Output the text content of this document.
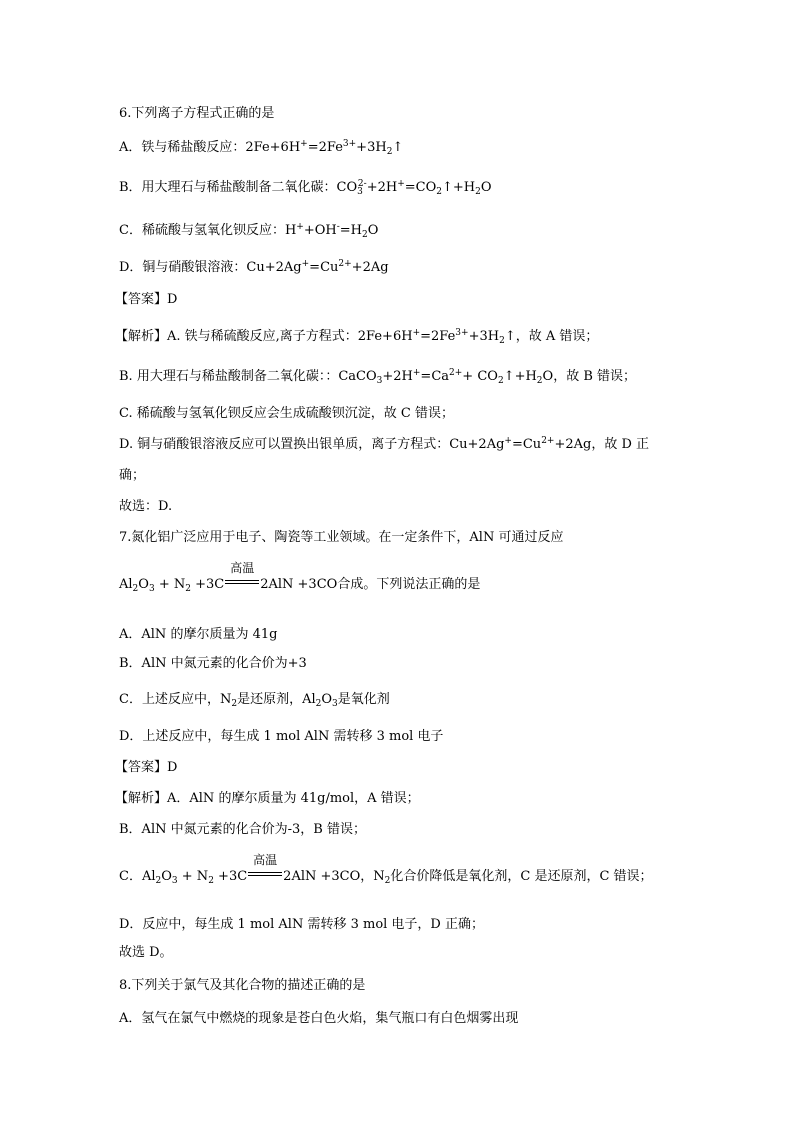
6.下列离子方程式正确的是
A．铁与稀盐酸反应：$2Fe+6H^+=2Fe^{3+}+3H_2↑$
B．用大理石与稀盐酸制备二氧化碳：$CO_3^{2-}+2H^+=CO_2↑+H_2O$
C．稀硫酸与氢氧化钡反应：$H^++OH^-=H_2O$
D．铜与硝酸银溶液：$Cu+2Ag^+=Cu^{2+}+2Ag$
【答案】D
【解析】A. 铁与稀硫酸反应,离子方程式：$2Fe+6H^+=2Fe^{3+}+3H_2↑$，故 A 错误；
B. 用大理石与稀盐酸制备二氧化碳：：$CaCO_3+2H^+=Ca^{2+}+$ $CO_2↑+H_2O$，故 B 错误；
C. 稀硫酸与氢氧化钡反应会生成硫酸钡沉淀，故 C 错误；
D. 铜与硝酸银溶液反应可以置换出银单质，离子方程式：$Cu+2Ag^+=Cu^{2+}+2Ag$，故 D 正
确；
故选：D.
7.氮化铝广泛应用于电子、陶瓷等工业领域。在一定条件下，AlN 可通过反应
$Al_2O_3 + N_2 +3C$
高温
2AlN +3CO合成。下列说法正确的是
A．AlN 的摩尔质量为 41g
B．AlN 中氮元素的化合价为+3
C．上述反应中，$N_2$是还原剂，$Al_2O_3$是氧化剂
D．上述反应中，每生成 1 mol AlN 需转移 3 mol 电子
【答案】D
【解析】A．AlN 的摩尔质量为 41g/mol，A 错误；
B．AlN 中氮元素的化合价为-3，B 错误；
C．$Al_2O_3 + N_2 +3C$
高温
2AlN +3CO，$N_2$化合价降低是氧化剂，C 是还原剂，C 错误；
D．反应中，每生成 1 mol AlN 需转移 3 mol 电子，D 正确；
故选 D。
8.下列关于氯气及其化合物的描述正确的是
A．氢气在氯气中燃烧的现象是苍白色火焰，集气瓶口有白色烟雾出现
